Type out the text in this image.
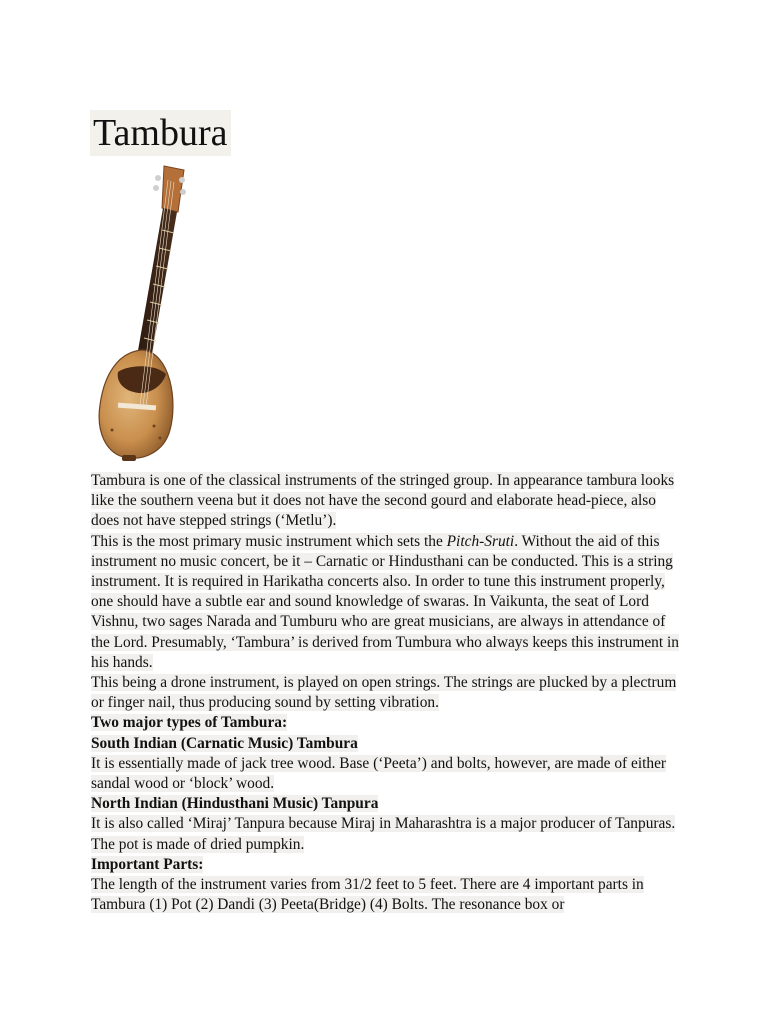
Tambura

Tambura is one of the classical instruments of the stringed group. In appearance tambura looks like the southern veena but it does not have the second gourd and elaborate head-piece, also does not have stepped strings (‘Metlu’).

This is the most primary music instrument which sets the Pitch-Sruti. Without the aid of this instrument no music concert, be it – Carnatic or Hindusthani can be conducted. This is a string instrument. It is required in Harikatha concerts also. In order to tune this instrument properly, one should have a subtle ear and sound knowledge of swaras. In Vaikunta, the seat of Lord Vishnu, two sages Narada and Tumburu who are great musicians, are always in attendance of the Lord. Presumably, ‘Tambura’ is derived from Tumbura who always keeps this instrument in his hands.

This being a drone instrument, is played on open strings. The strings are plucked by a plectrum or finger nail, thus producing sound by setting vibration.

Two major types of Tambura:

South Indian (Carnatic Music) Tambura

It is essentially made of jack tree wood. Base (‘Peeta’) and bolts, however, are made of either sandal wood or ‘block’ wood.

North Indian (Hindusthani Music) Tanpura

It is also called ‘Miraj’ Tanpura because Miraj in Maharashtra is a major producer of Tanpuras. The pot is made of dried pumpkin.

Important Parts:

The length of the instrument varies from 31/2 feet to 5 feet. There are 4 important parts in Tambura (1) Pot (2) Dandi (3) Peeta(Bridge) (4) Bolts. The resonance box or
